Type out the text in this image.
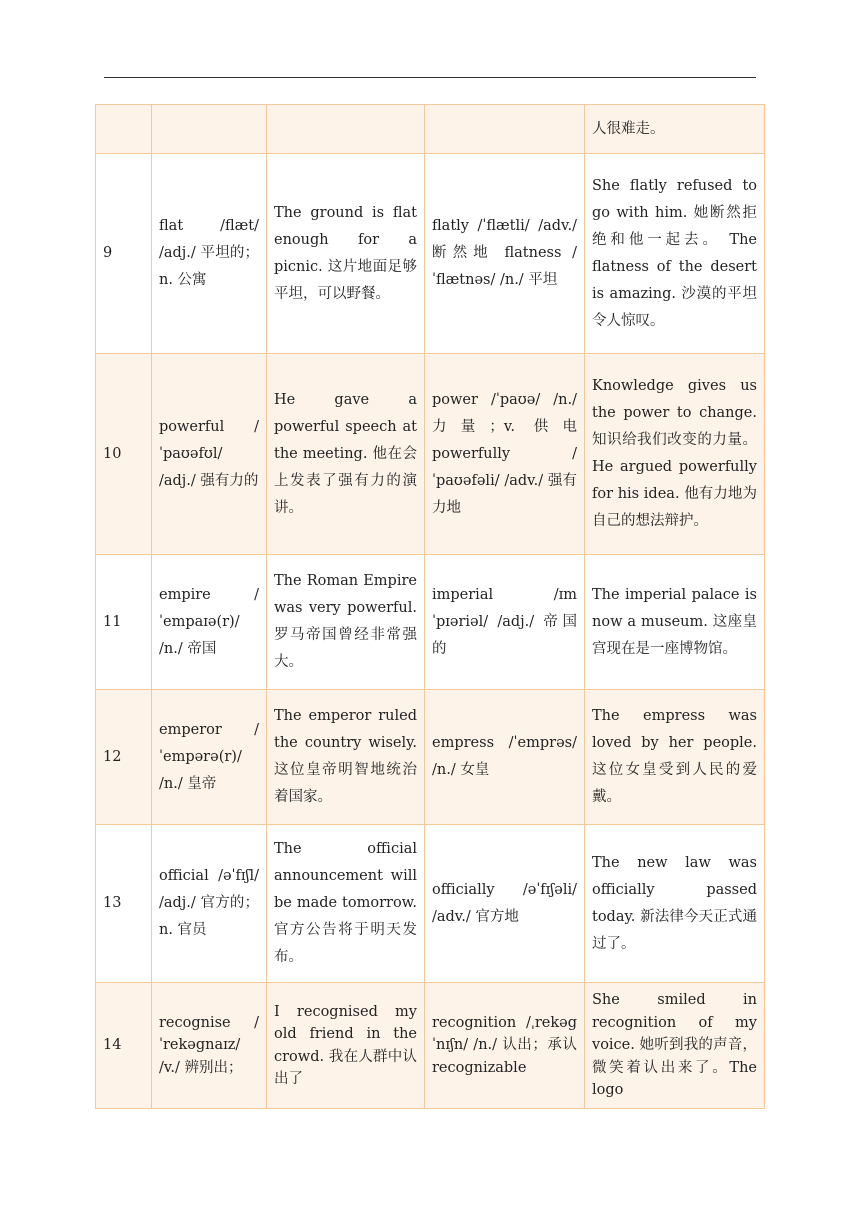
				人很难走。
9	flat /flæt/ /adj./ 平坦的；n. 公寓	The ground is flat enough for a picnic. 这片地面足够平坦，可以野餐。	flatly /ˈflætli/ /adv./ 断然地 flatness /ˈflætnəs/ /n./ 平坦	She flatly refused to go with him. 她断然拒绝和他一起去。 The flatness of the desert is amazing. 沙漠的平坦令人惊叹。
10	powerful /ˈpaʊəfʊl/ /adj./ 强有力的	He gave a powerful speech at the meeting. 他在会上发表了强有力的演讲。	power /ˈpaʊə/ /n./ 力量；v. 供电 powerfully /ˈpaʊəfəli/ /adv./ 强有力地	Knowledge gives us the power to change. 知识给我们改变的力量。He argued powerfully for his idea. 他有力地为自己的想法辩护。
11	empire /ˈempaɪə(r)/ /n./ 帝国	The Roman Empire was very powerful. 罗马帝国曾经非常强大。	imperial /ɪmˈpɪəriəl/ /adj./ 帝国的	The imperial palace is now a museum. 这座皇宫现在是一座博物馆。
12	emperor /ˈempərə(r)/ /n./ 皇帝	The emperor ruled the country wisely. 这位皇帝明智地统治着国家。	empress /ˈemprəs/ /n./ 女皇	The empress was loved by her people. 这位女皇受到人民的爱戴。
13	official /əˈfɪʃl/ /adj./ 官方的；n. 官员	The official announcement will be made tomorrow. 官方公告将于明天发布。	officially /əˈfɪʃəli/ /adv./ 官方地	The new law was officially passed today. 新法律今天正式通过了。
14	recognise /ˈrekəgnaɪz/ /v./ 辨别出；	I recognised my old friend in the crowd. 我在人群中认出了	recognition /ˌrekəgˈnɪʃn/ /n./ 认出；承认 recognizable	She smiled in recognition of my voice. 她听到我的声音，微笑着认出来了。The logo
